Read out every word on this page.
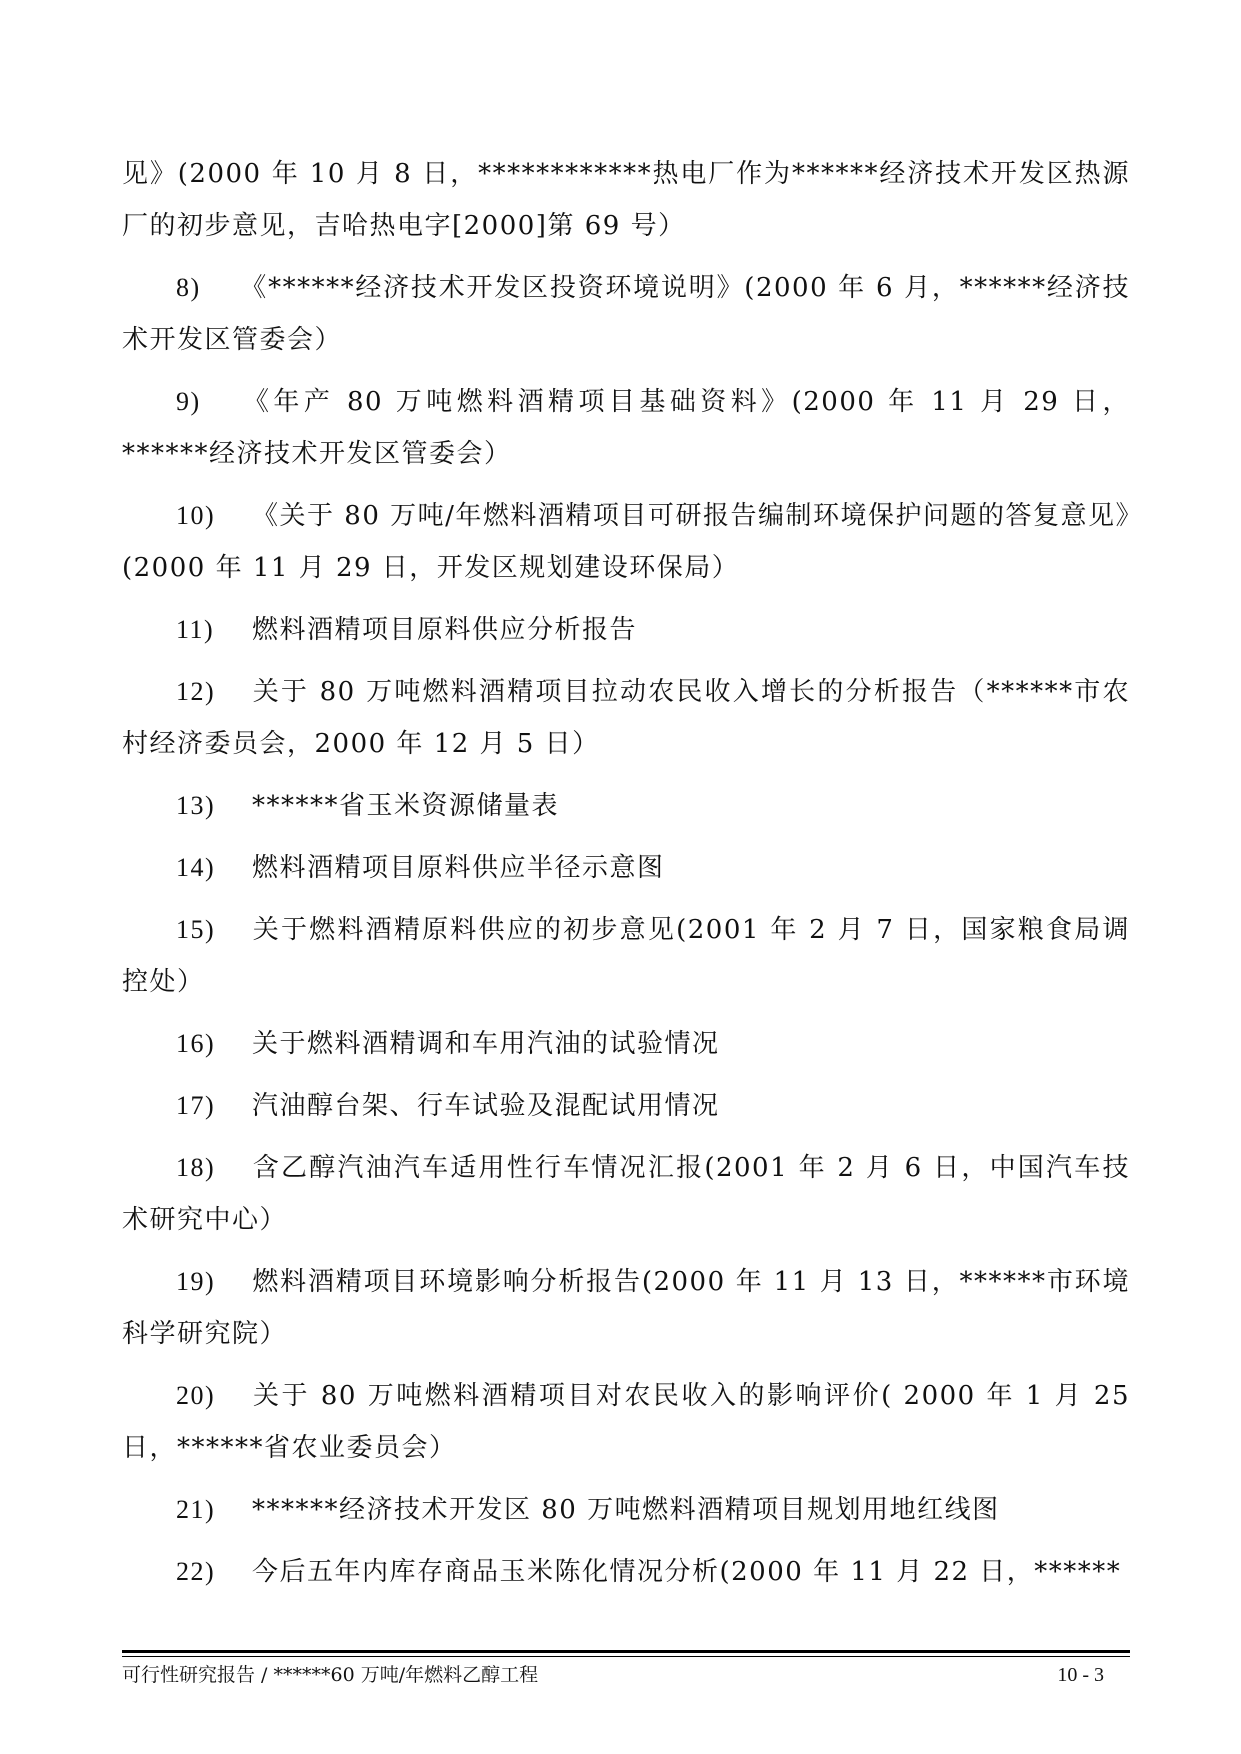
见》(2000 年 10 月 8 日，************热电厂作为******经济技术开发区热源厂的初步意见，吉哈热电字[2000]第 69 号）

8) 《******经济技术开发区投资环境说明》(2000 年 6 月，******经济技术开发区管委会）

9) 《年产 80 万吨燃料酒精项目基础资料》(2000 年 11 月 29 日，******经济技术开发区管委会）

10) 《关于 80 万吨/年燃料酒精项目可研报告编制环境保护问题的答复意见》(2000 年 11 月 29 日，开发区规划建设环保局）

11) 燃料酒精项目原料供应分析报告

12) 关于 80 万吨燃料酒精项目拉动农民收入增长的分析报告（******市农村经济委员会，2000 年 12 月 5 日）

13) ******省玉米资源储量表

14) 燃料酒精项目原料供应半径示意图

15) 关于燃料酒精原料供应的初步意见(2001 年 2 月 7 日，国家粮食局调控处）

16) 关于燃料酒精调和车用汽油的试验情况

17) 汽油醇台架、行车试验及混配试用情况

18) 含乙醇汽油汽车适用性行车情况汇报(2001 年 2 月 6 日，中国汽车技术研究中心）

19) 燃料酒精项目环境影响分析报告(2000 年 11 月 13 日，******市环境科学研究院）

20) 关于 80 万吨燃料酒精项目对农民收入的影响评价( 2000 年 1 月 25 日，******省农业委员会）

21) ******经济技术开发区 80 万吨燃料酒精项目规划用地红线图

22) 今后五年内库存商品玉米陈化情况分析(2000 年 11 月 22 日，******

可行性研究报告 / ******60 万吨/年燃料乙醇工程	10 - 3
